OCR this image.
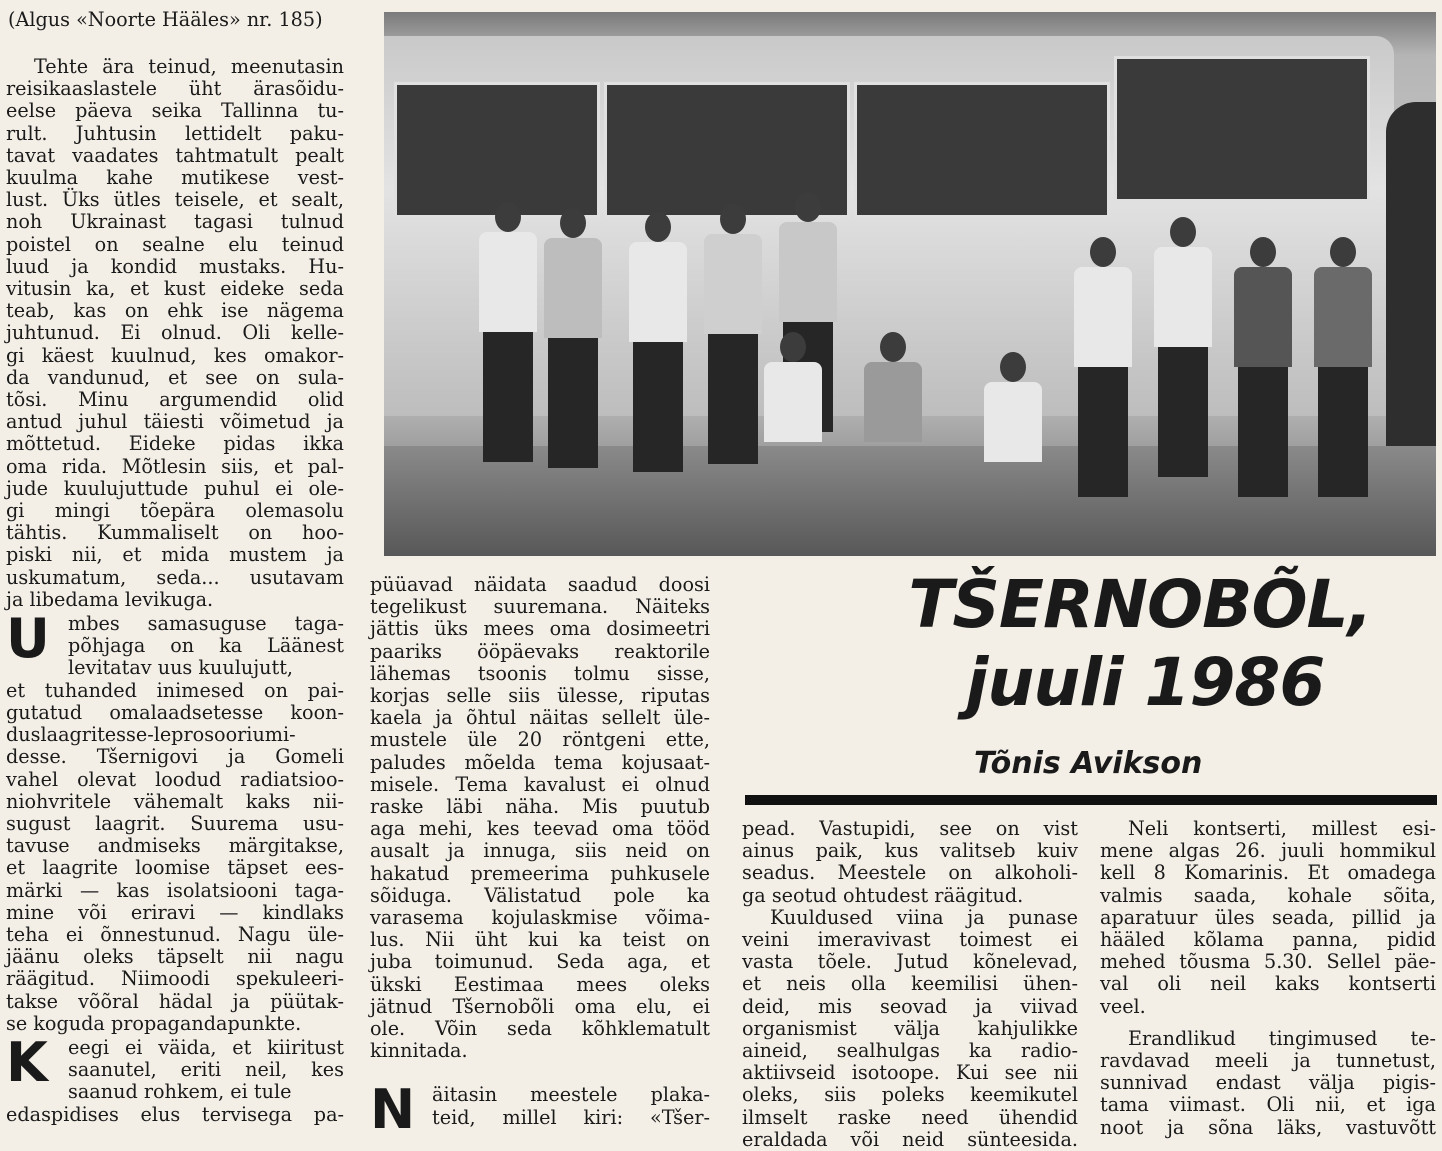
(Algus «Noorte Hääles» nr. 185)

Tehte ära teinud, meenutasin
reisikaaslastele üht ärasõidu-
eelse päeva seika Tallinna tu-
rult. Juhtusin lettidelt paku-
tavat vaadates tahtmatult pealt
kuulma kahe mutikese vest-
lust. Üks ütles teisele, et sealt,
noh Ukrainast tagasi tulnud
poistel on sealne elu teinud
luud ja kondid mustaks. Hu-
vitusin ka, et kust eideke seda
teab, kas on ehk ise nägema
juhtunud. Ei olnud. Oli kelle-
gi käest kuulnud, kes omakor-
da vandunud, et see on sula-
tõsi. Minu argumendid olid
antud juhul täiesti võimetud ja
mõttetud. Eideke pidas ikka
oma rida. Mõtlesin siis, et pal-
jude kuulujuttude puhul ei ole-
gi mingi tõepära olemasolu
tähtis. Kummaliselt on hoo-
piski nii, et mida mustem ja
uskumatum, seda... usutavam
ja libedama levikuga.

U mbes samasuguse taga-
põhjaga on ka Läänest
levitatav uus kuulujutt,
et tuhanded inimesed on pai-
gutatud omalaadsetesse koon-
duslaagritesse-leprosooriumi-
desse. Tšernigovi ja Gomeli
vahel olevat loodud radiatsioo-
niohvritele vähemalt kaks nii-
sugust laagrit. Suurema usu-
tavuse andmiseks märgitakse,
et laagrite loomise täpset ees-
märki — kas isolatsiooni taga-
mine või eriravi — kindlaks
teha ei õnnestunud. Nagu üle-
jäänu oleks täpselt nii nagu
räägitud. Niimoodi spekuleeri-
takse võõral hädal ja püütak-
se koguda propagandapunkte.

K	eegi ei väida, et kiiritust
saanutel, eriti neil, kes
saanud rohkem, ei tule
edaspidises elus tervisega pa-

TŠERNOBÕL,
juuli 1986
Tõnis Avikson

püüavad näidata saadud doosi
tegelikust suuremana. Näiteks
jättis üks mees oma dosimeetri
paariks ööpäevaks reaktorile
lähemas tsoonis tolmu sisse,
korjas selle siis ülesse, riputas
kaela ja õhtul näitas sellelt üle-
mustele üle 20 röntgeni ette,
paludes mõelda tema kojusaat-
misele. Tema kavalust ei olnud
raske läbi näha. Mis puutub
aga mehi, kes teevad oma tööd
ausalt ja innuga, siis neid on
hakatud premeerima puhkusele
sõiduga. Välistatud pole ka
varasema kojulaskmise võima-
lus. Nii üht kui ka teist on
juba toimunud. Seda aga, et
ükski Eestimaa mees oleks
jätnud Tšernobõli oma elu, ei
ole. Võin seda kõhklematult
kinnitada.

N äitasin meestele plaka-
teid, millel kiri: «Tšer-

pead. Vastupidi, see on vist
ainus paik, kus valitseb kuiv
seadus. Meestele on alkoholi-
ga seotud ohtudest räägitud.

Kuuldused viina ja punase
veini imeravivast toimest ei
vasta tõele. Jutud kõnelevad,
et neis olla keemilisi ühen-
deid, mis seovad ja viivad
organismist välja kahjulikke
aineid, sealhulgas ka radio-
aktiivseid isotoope. Kui see nii
oleks, siis poleks keemikutel
ilmselt raske need ühendid
eraldada või neid sünteesida.

Neli kontserti, millest esi-
mene algas 26. juuli hommikul
kell 8 Komarinis. Et omadega
valmis saada, kohale sõita,
aparatuur üles seada, pillid ja
hääled kõlama panna, pidid
mehed tõusma 5.30. Sellel päe-
val oli neil kaks kontserti
veel.

Erandlikud tingimused te-
ravdavad meeli ja tunnetust,
sunnivad endast välja pigis-
tama viimast. Oli nii, et iga
noot ja sõna läks, vastuvõtt
